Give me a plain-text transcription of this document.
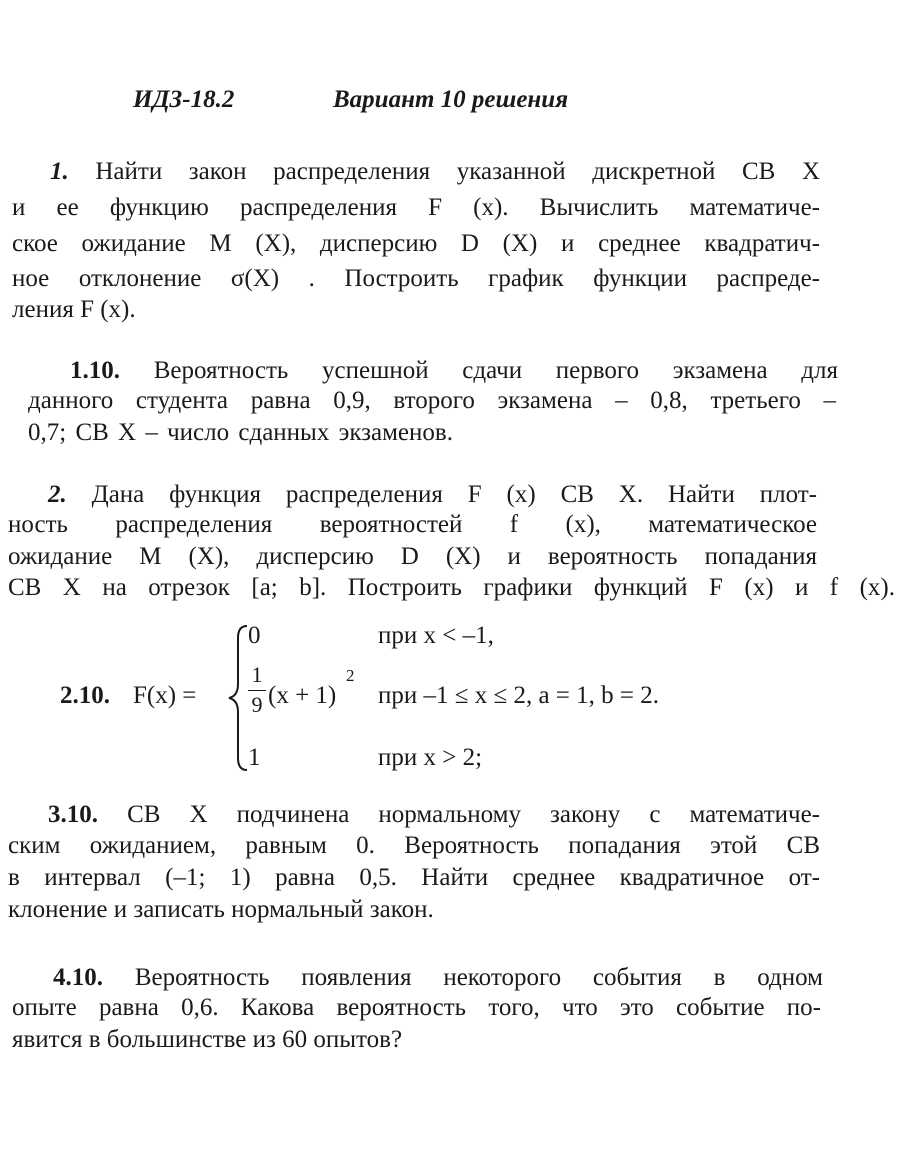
ИДЗ-18.2	Вариант 10 решения
1. Найти закон распределения указанной дискретной СВ X
и ее функцию распределения F (x). Вычислить математиче-
ское ожидание M (X), дисперсию D (X) и среднее квадратич-
ное отклонение σ(X) . Построить график функции распреде-
ления F (x).
1.10. Вероятность успешной сдачи первого экзамена для
данного студента равна 0,9, второго экзамена – 0,8, третьего –
0,7; СВ X – число сданных экзаменов.
2. Дана функция распределения F (x) СВ X. Найти плот-
ность распределения вероятностей f (x), математическое
ожидание M (X), дисперсию D (X) и вероятность попадания
СВ X на отрезок [a; b]. Построить графики функций F (x) и f (x).
2.10. F(x) =
0	при x < –1,
1
9 (x + 1)
2
при –1 ≤ x ≤ 2, a = 1, b = 2.
1	при x > 2;
3.10. СВ X подчинена нормальному закону с математиче-
ским ожиданием, равным 0. Вероятность попадания этой СВ
в интервал (–1; 1) равна 0,5. Найти среднее квадратичное от-
клонение и записать нормальный закон.
4.10. Вероятность появления некоторого события в одном
опыте равна 0,6. Какова вероятность того, что это событие по-
явится в большинстве из 60 опытов?
